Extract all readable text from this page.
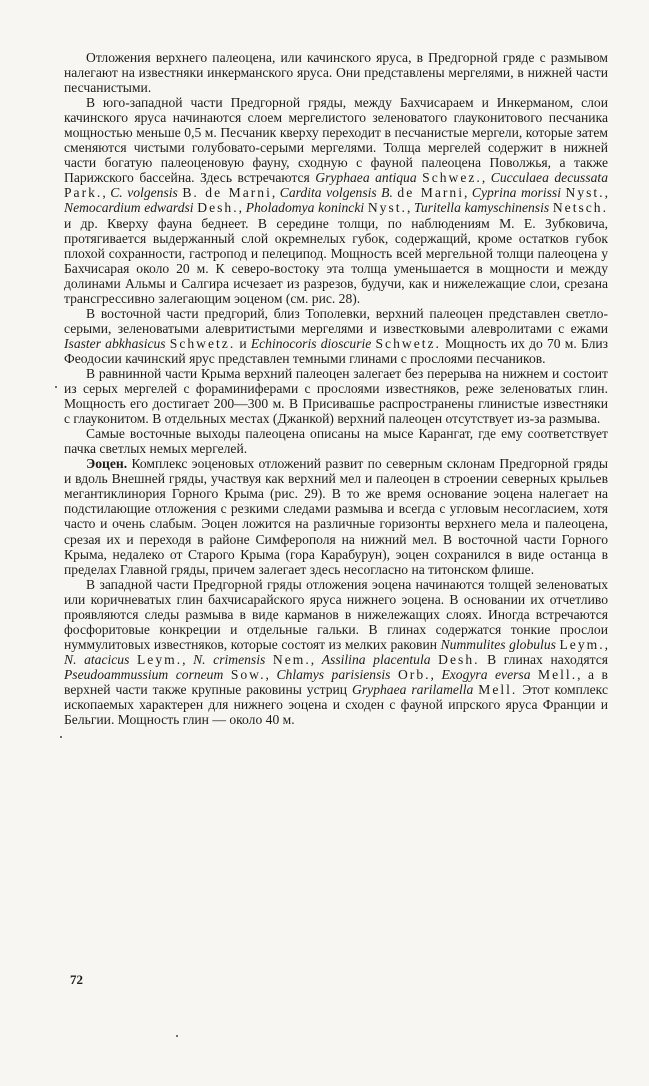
Отложения верхнего палеоцена, или качинского яруса, в Предгорной гряде с размывом налегают на известняки инкерманского яруса. Они представлены мергелями, в нижней части песчанистыми.

В юго-западной части Предгорной гряды, между Бахчисараем и Инкерманом, слои качинского яруса начинаются слоем мергелистого зеленоватого глауконитового песчаника мощностью меньше 0,5 м. Песчаник кверху переходит в песчанистые мергели, которые затем сменяются чистыми голубовато-серыми мергелями. Толща мергелей содержит в нижней части богатую палеоценовую фауну, сходную с фауной палеоцена Поволжья, а также Парижского бассейна. Здесь встречаются Gryphaea antiqua Schwez., Cucculaea decussata Park., C. volgensis B. de Marni, Cardita volgensis B. de Marni, Cyprina morissi Nyst., Nemocardium edwardsi Desh., Pholadomya konincki Nyst., Turitella kamyschinensis Netsch. и др. Кверху фауна беднеет. В середине толщи, по наблюдениям М. Е. Зубковича, протягивается выдержанный слой окремнелых губок, содержащий, кроме остатков губок плохой сохранности, гастропод и пелеципод. Мощность всей мергельной толщи палеоцена у Бахчисарая около 20 м. К северо-востоку эта толща уменьшается в мощности и между долинами Альмы и Салгира исчезает из разрезов, будучи, как и нижележащие слои, срезана трансгрессивно залегающим эоценом (см. рис. 28).

В восточной части предгорий, близ Тополевки, верхний палеоцен представлен светло-серыми, зеленоватыми алевритистыми мергелями и известковыми алевролитами с ежами Isaster abkhasicus Schwetz. и Echinocoris dioscurie Schwetz. Мощность их до 70 м. Близ Феодосии качинский ярус представлен темными глинами с прослоями песчаников.

В равнинной части Крыма верхний палеоцен залегает без перерыва на нижнем и состоит из серых мергелей с фораминиферами с прослоями известняков, реже зеленоватых глин. Мощность его достигает 200—300 м. В Присивашье распространены глинистые известняки с глауконитом. В отдельных местах (Джанкой) верхний палеоцен отсутствует из-за размыва.

Самые восточные выходы палеоцена описаны на мысе Карангат, где ему соответствует пачка светлых немых мергелей.

Эоцен. Комплекс эоценовых отложений развит по северным склонам Предгорной гряды и вдоль Внешней гряды, участвуя как верхний мел и палеоцен в строении северных крыльев мегантиклинория Горного Крыма (рис. 29). В то же время основание эоцена налегает на подстилающие отложения с резкими следами размыва и всегда с угловым несогласием, хотя часто и очень слабым. Эоцен ложится на различные горизонты верхнего мела и палеоцена, срезая их и переходя в районе Симферополя на нижний мел. В восточной части Горного Крыма, недалеко от Старого Крыма (гора Карабурун), эоцен сохранился в виде останца в пределах Главной гряды, причем залегает здесь несогласно на титонском флише.

В западной части Предгорной гряды отложения эоцена начинаются толщей зеленоватых или коричневатых глин бахчисарайского яруса нижнего эоцена. В основании их отчетливо проявляются следы размыва в виде карманов в нижележащих слоях. Иногда встречаются фосфоритовые конкреции и отдельные гальки. В глинах содержатся тонкие прослои нуммулитовых известняков, которые состоят из мелких раковин Nummulites globulus Leym., N. atacicus Leym., N. crimensis Nem., Assilina placentula Desh. В глинах находятся Pseudoammussium corneum Sow., Chlamys parisiensis Orb., Exogyra eversa Mell., а в верхней части также крупные раковины устриц Gryphaea rarilamella Mell. Этот комплекс ископаемых характерен для нижнего эоцена и сходен с фауной ипрского яруса Франции и Бельгии. Мощность глин — около 40 м.

72
